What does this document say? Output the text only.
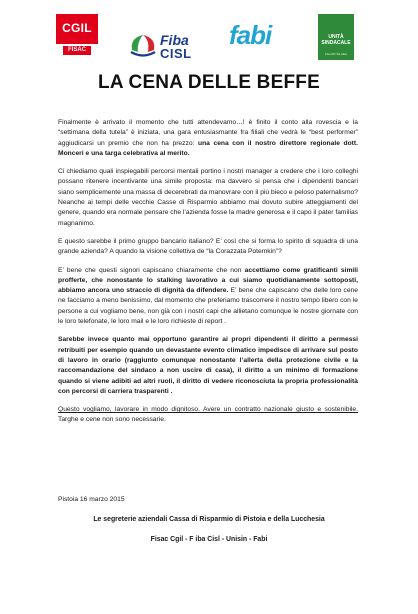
CGIL
FISAC
Fiba
CISL
fabi	UNITÀ SINDACALE
FALCRI SILCEA
LA CENA DELLE BEFFE

Finalmente è arrivato il momento che tutti attendevamo…! è finito il conto alla rovescia e la “settimana della tutela” è iniziata, una gara entusiasmante fra filiali che vedrà le “best performer” aggiudicarsi un premio che non ha prezzo: una cena con il nostro direttore regionale dott. Monceri e una targa celebrativa al merito.

Ci chiediamo quali inspiegabili percorsi mentali portino i nostri manager a credere che i loro colleghi possano ritenere incentivante una simile proposta: ma davvero si pensa che i dipendenti bancari siano semplicemente una massa di decerebrati da manovrare con il più bieco e peloso paternalismo? Neanche ai tempi delle vecchie Casse di Risparmio abbiamo mai dovuto subire atteggiamenti del genere, quando era normale pensare che l’azienda fosse la madre generosa e il capo il pater familias magnanimo.

E questo sarebbe il primo gruppo bancario italiano? E’ così che si forma lo spirito di squadra di una grande azienda? A quando la visione collettiva de “la Corazzata Potemkin”?

E’ bene che questi signori capiscano chiaramente che non accettiamo come gratificanti simili profferte, che nonostante lo stalking lavorativo a cui siamo quotidianamente sottoposti, abbiamo ancora uno straccio di dignità da difendere. E’ bene che capiscano che delle loro cene ne facciamo a meno benissimo, dal momento che preferiamo trascorrere il nostro tempo libero con le persone a cui vogliamo bene, non già con i nostri capi che allietano comunque le nostre giornate con le loro telefonate, le loro mail e le loro richieste di report .

Sarebbe invece quanto mai opportuno garantire ai propri dipendenti il diritto a permessi retribuiti per esempio quando un devastante evento climatico impedisce di arrivare sul posto di lavoro in orario (raggiunto comunque nonostante l’allerta della protezione civile e la raccomandazione del sindaco a non uscire di casa), il diritto a un minimo di formazione quando si viene adibiti ad altri ruoli, il diritto di vedere riconosciuta la propria professionalità con percorsi di carriera trasparenti .

Questo vogliamo, lavorare in modo dignitoso. Avere un contratto nazionale giusto e sostenibile. Targhe e cene non sono necessarie.

Pistoia 16 marzo 2015
Le segreterie aziendali Cassa di Risparmio di Pistoia e della Lucchesia
Fisac Cgil - F iba Cisl - Unisin - Fabi
